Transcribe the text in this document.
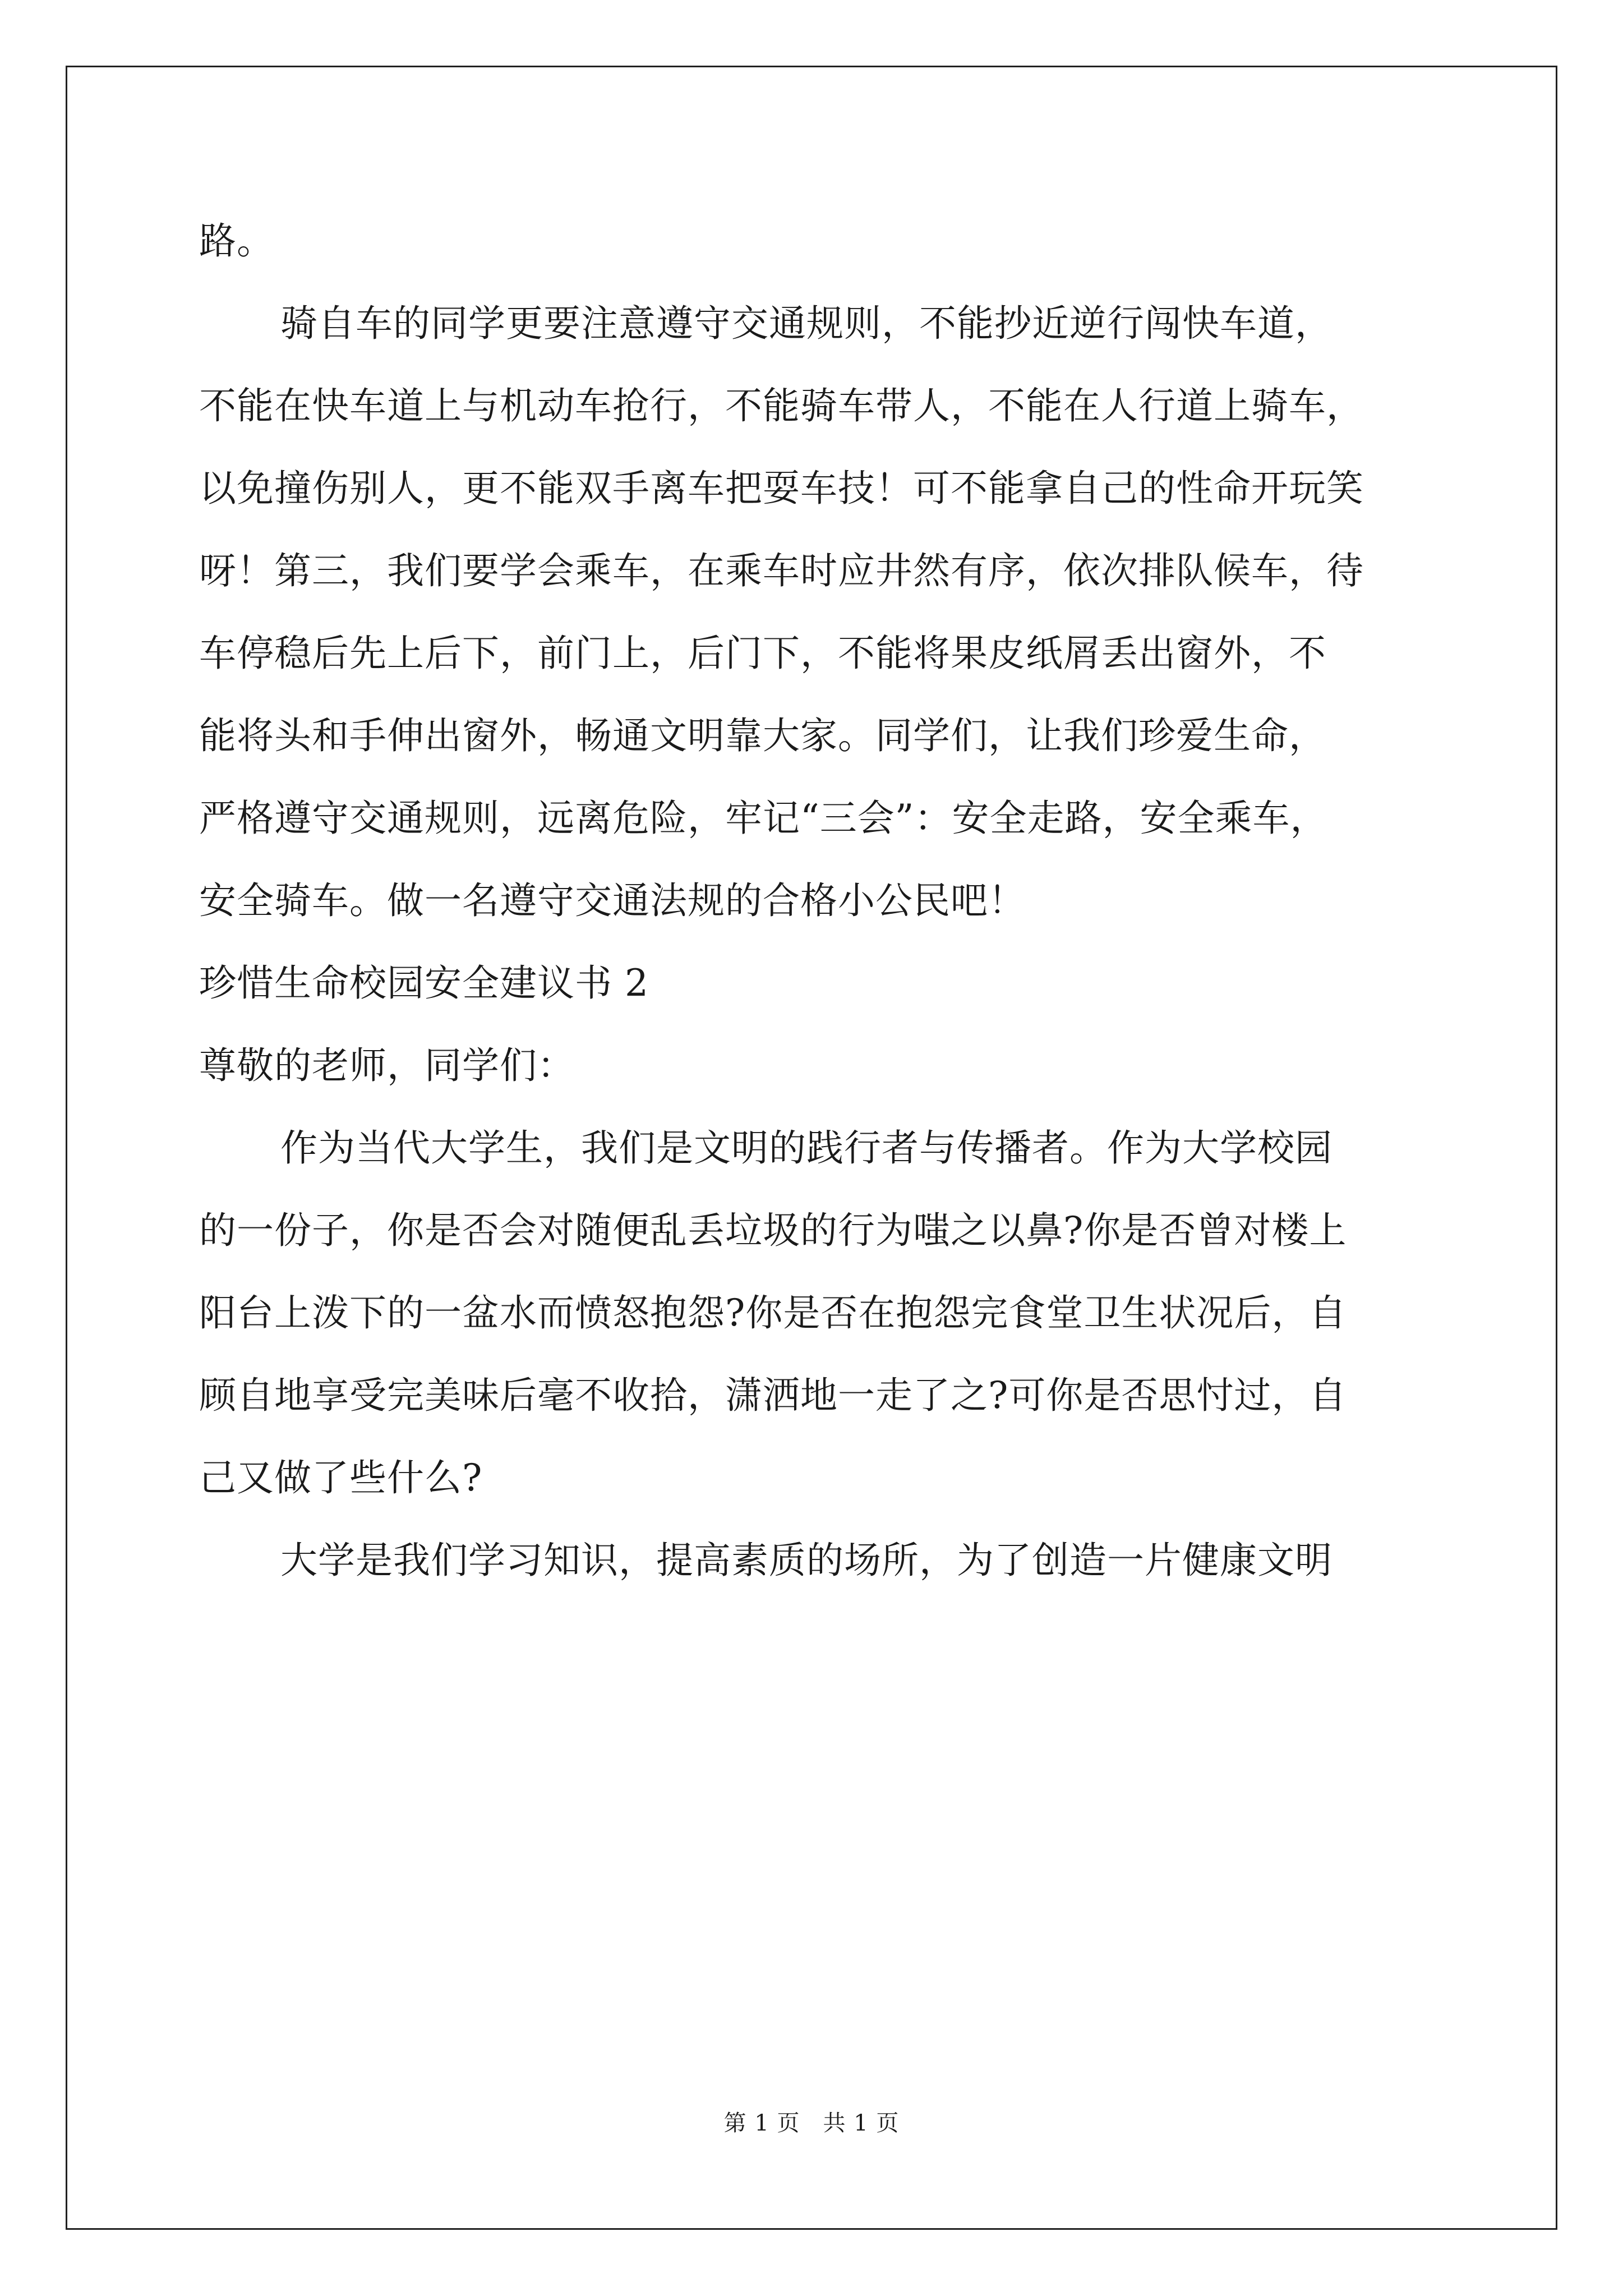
路。
骑自车的同学更要注意遵守交通规则，不能抄近逆行闯快车道，
不能在快车道上与机动车抢行，不能骑车带人，不能在人行道上骑车，
以免撞伤别人，更不能双手离车把耍车技！可不能拿自己的性命开玩笑
呀！第三，我们要学会乘车，在乘车时应井然有序，依次排队候车，待
车停稳后先上后下，前门上，后门下，不能将果皮纸屑丢出窗外，不
能将头和手伸出窗外，畅通文明靠大家。同学们，让我们珍爱生命，
严格遵守交通规则，远离危险，牢记“三会”：安全走路，安全乘车，
安全骑车。做一名遵守交通法规的合格小公民吧！
珍惜生命校园安全建议书 2
尊敬的老师，同学们：
作为当代大学生，我们是文明的践行者与传播者。作为大学校园
的一份子，你是否会对随便乱丢垃圾的行为嗤之以鼻?你是否曾对楼上
阳台上泼下的一盆水而愤怒抱怨?你是否在抱怨完食堂卫生状况后，自
顾自地享受完美味后毫不收拾，潇洒地一走了之?可你是否思忖过，自
己又做了些什么?
大学是我们学习知识，提高素质的场所，为了创造一片健康文明
第 1 页　共 1 页
